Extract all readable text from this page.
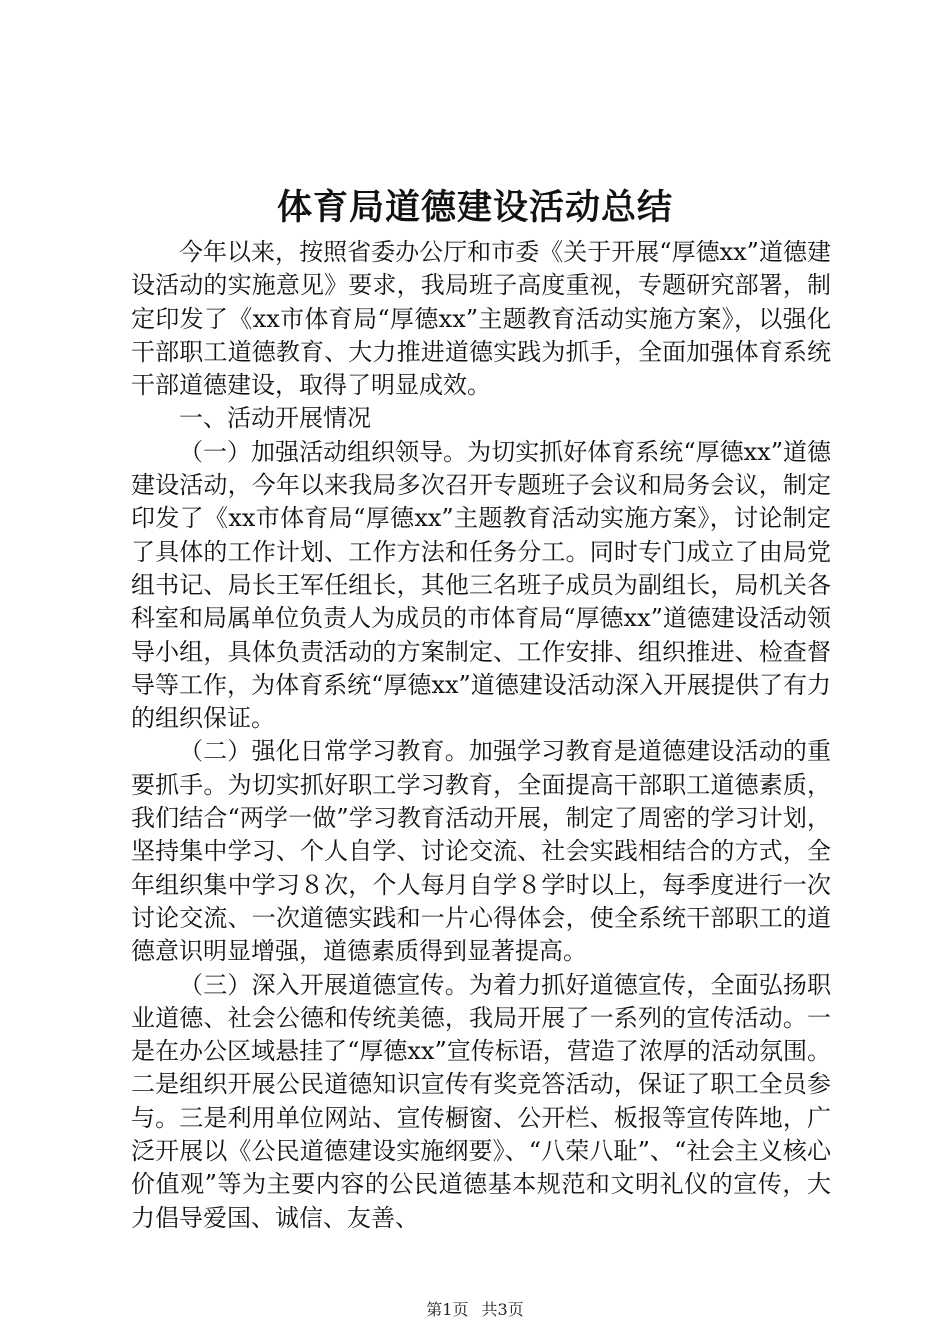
体育局道德建设活动总结

今年以来，按照省委办公厅和市委《关于开展“厚德xx”道德建设活动的实施意见》要求，我局班子高度重视，专题研究部署，制定印发了《xx市体育局“厚德xx”主题教育活动实施方案》，以强化干部职工道德教育、大力推进道德实践为抓手，全面加强体育系统干部道德建设，取得了明显成效。

一、活动开展情况

（一）加强活动组织领导。为切实抓好体育系统“厚德xx”道德建设活动，今年以来我局多次召开专题班子会议和局务会议，制定印发了《xx市体育局“厚德xx”主题教育活动实施方案》，讨论制定了具体的工作计划、工作方法和任务分工。同时专门成立了由局党组书记、局长王军任组长，其他三名班子成员为副组长，局机关各科室和局属单位负责人为成员的市体育局“厚德xx”道德建设活动领导小组，具体负责活动的方案制定、工作安排、组织推进、检查督导等工作，为体育系统“厚德xx”道德建设活动深入开展提供了有力的组织保证。

（二）强化日常学习教育。加强学习教育是道德建设活动的重要抓手。为切实抓好职工学习教育，全面提高干部职工道德素质，我们结合“两学一做”学习教育活动开展，制定了周密的学习计划，坚持集中学习、个人自学、讨论交流、社会实践相结合的方式，全年组织集中学习８次，个人每月自学８学时以上，每季度进行一次讨论交流、一次道德实践和一片心得体会，使全系统干部职工的道德意识明显增强，道德素质得到显著提高。

（三）深入开展道德宣传。为着力抓好道德宣传，全面弘扬职业道德、社会公德和传统美德，我局开展了一系列的宣传活动。一是在办公区域悬挂了“厚德xx”宣传标语，营造了浓厚的活动氛围。二是组织开展公民道德知识宣传有奖竞答活动，保证了职工全员参与。三是利用单位网站、宣传橱窗、公开栏、板报等宣传阵地，广泛开展以《公民道德建设实施纲要》、“八荣八耻”、“社会主义核心价值观”等为主要内容的公民道德基本规范和文明礼仪的宣传，大力倡导爱国、诚信、友善、

第1页 共3页
